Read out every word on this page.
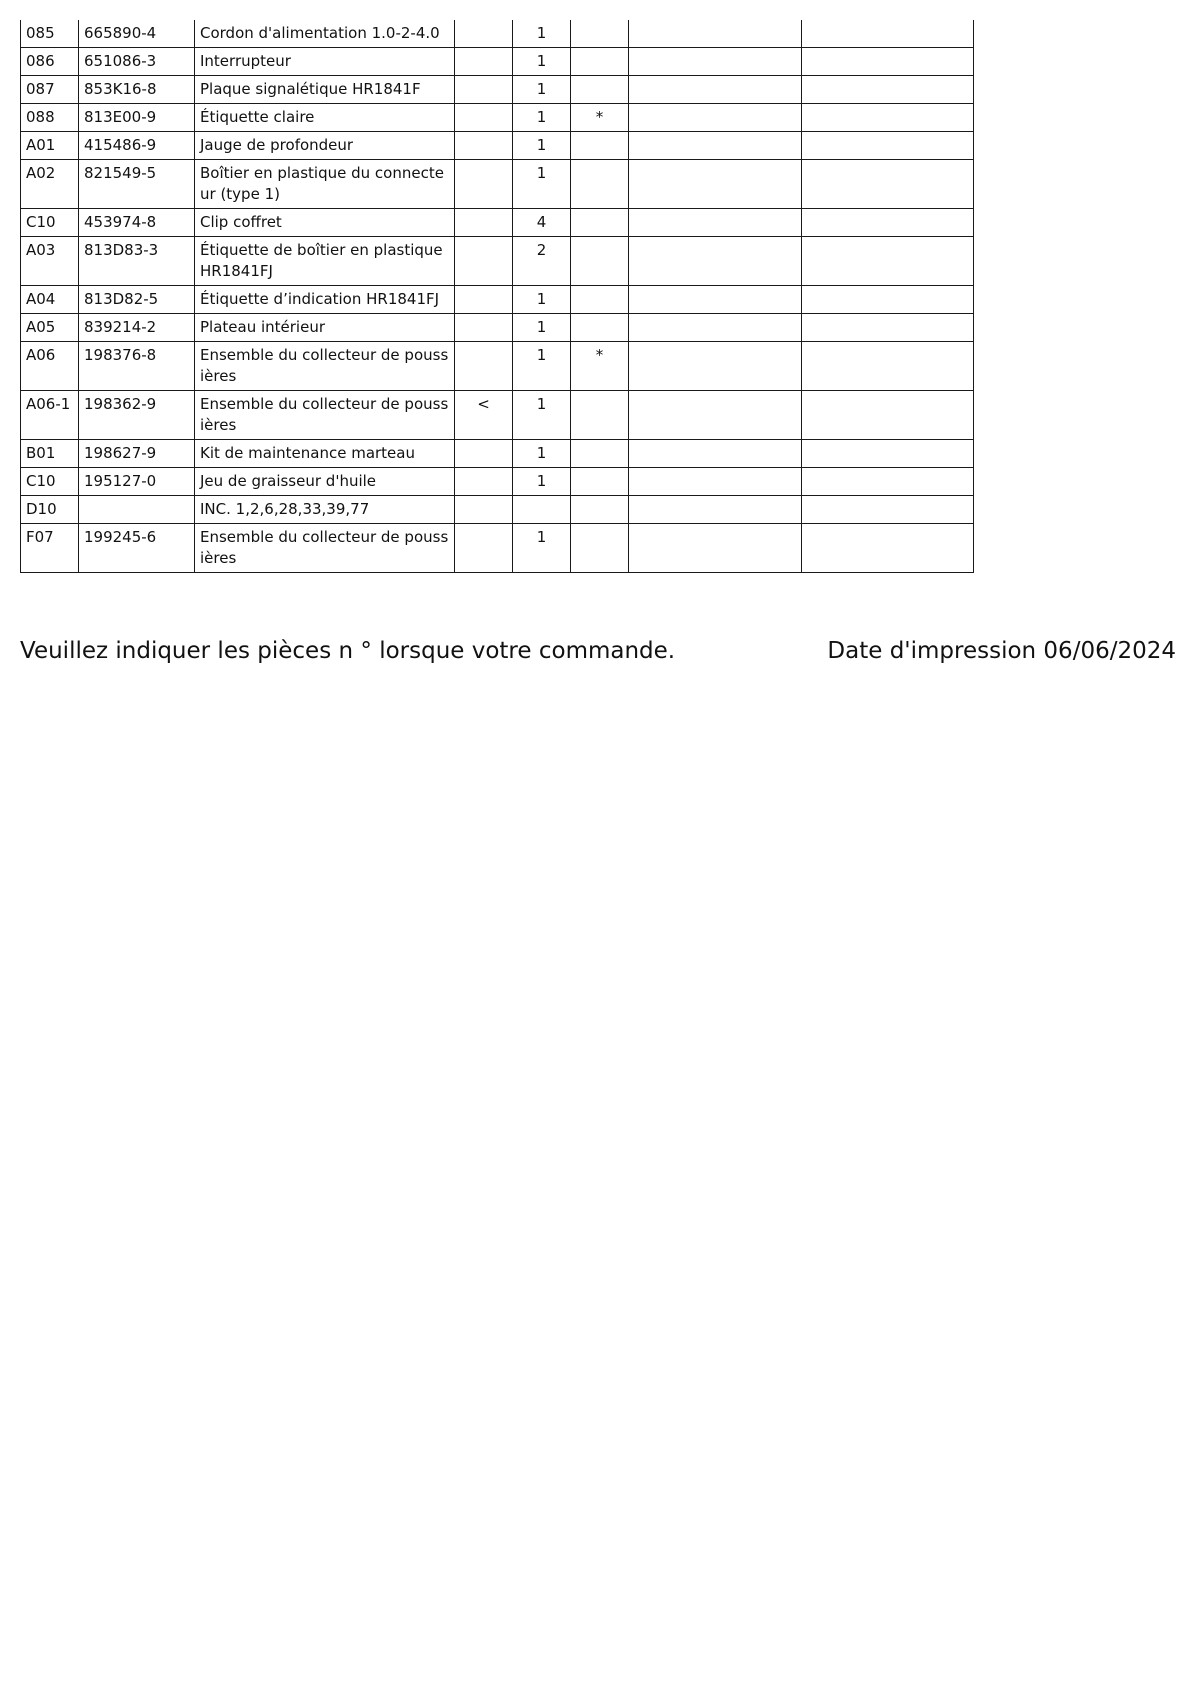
085	665890-4	Cordon d'alimentation 1.0-2-4.0		1			
086	651086-3	Interrupteur		1			
087	853K16-8	Plaque signalétique HR1841F		1			
088	813E00-9	Étiquette claire		1	*		
A01	415486-9	Jauge de profondeur		1			
A02	821549-5	Boîtier en plastique du connecteur (type 1)		1			
C10	453974-8	Clip coffret		4			
A03	813D83-3	Étiquette de boîtier en plastique HR1841FJ		2			
A04	813D82-5	Étiquette d’indication HR1841FJ		1			
A05	839214-2	Plateau intérieur		1			
A06	198376-8	Ensemble du collecteur de poussières		1	*		
A06-1	198362-9	Ensemble du collecteur de poussières	<	1			
B01	198627-9	Kit de maintenance marteau		1			
C10	195127-0	Jeu de graisseur d'huile		1			
D10		INC. 1,2,6,28,33,39,77					
F07	199245-6	Ensemble du collecteur de poussières		1			
Veuillez indiquer les pièces n ° lorsque votre commande.	Date d'impression 06/06/2024
